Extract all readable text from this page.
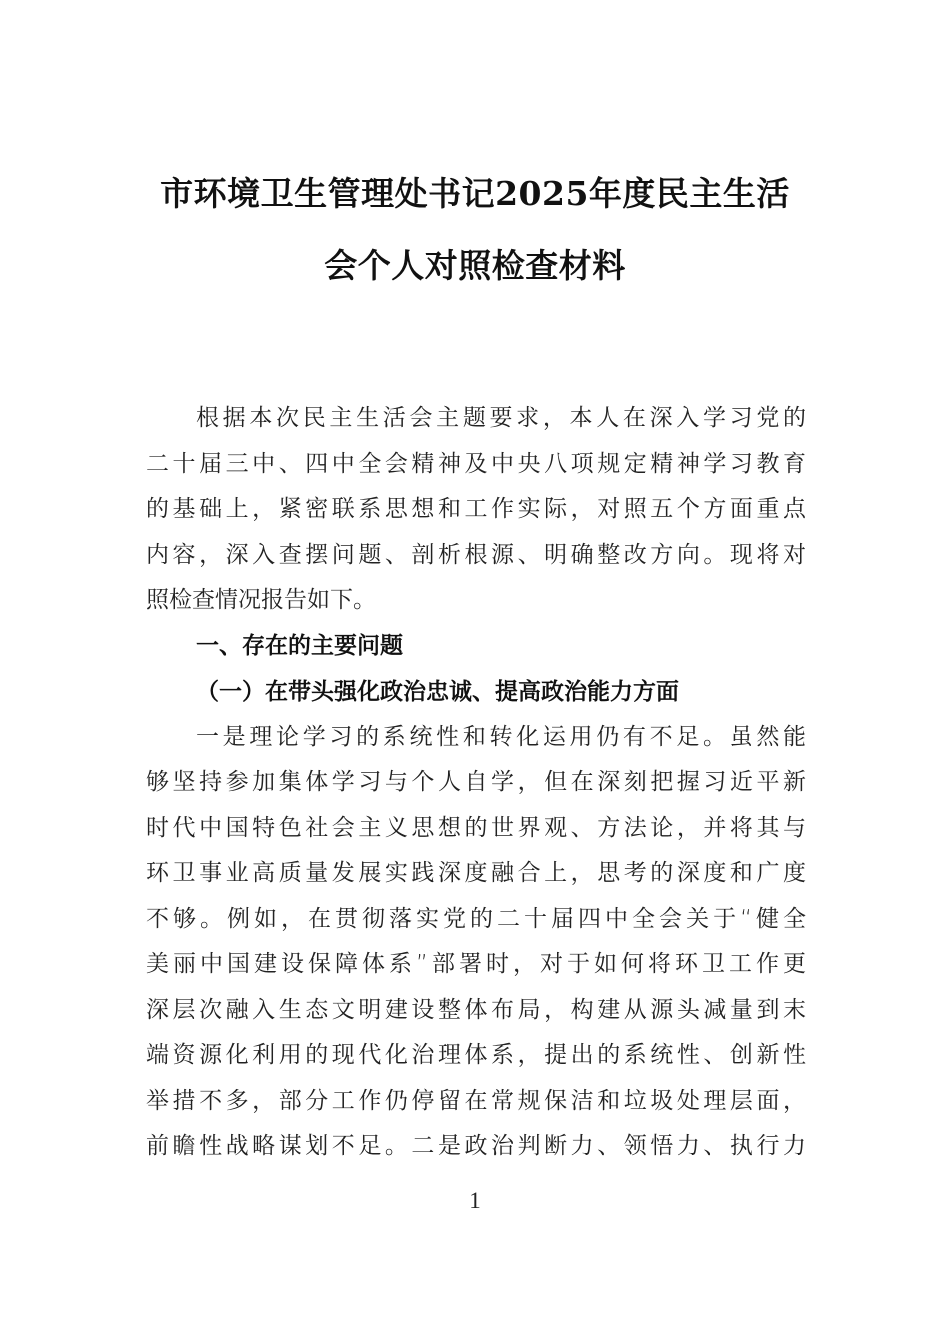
市环境卫生管理处书记2025年度民主生活
会个人对照检查材料
根据本次民主生活会主题要求，本人在深入学习党的
二十届三中、四中全会精神及中央八项规定精神学习教育
的基础上，紧密联系思想和工作实际，对照五个方面重点
内容，深入查摆问题、剖析根源、明确整改方向。现将对
照检查情况报告如下。
一、存在的主要问题
（一）在带头强化政治忠诚、提高政治能力方面
一是理论学习的系统性和转化运用仍有不足。虽然能
够坚持参加集体学习与个人自学，但在深刻把握习近平新
时代中国特色社会主义思想的世界观、方法论，并将其与
环卫事业高质量发展实践深度融合上，思考的深度和广度
不够。例如，在贯彻落实党的二十届四中全会关于“健全
美丽中国建设保障体系”部署时，对于如何将环卫工作更
深层次融入生态文明建设整体布局，构建从源头减量到末
端资源化利用的现代化治理体系，提出的系统性、创新性
举措不多，部分工作仍停留在常规保洁和垃圾处理层面，
前瞻性战略谋划不足。二是政治判断力、领悟力、执行力
1
